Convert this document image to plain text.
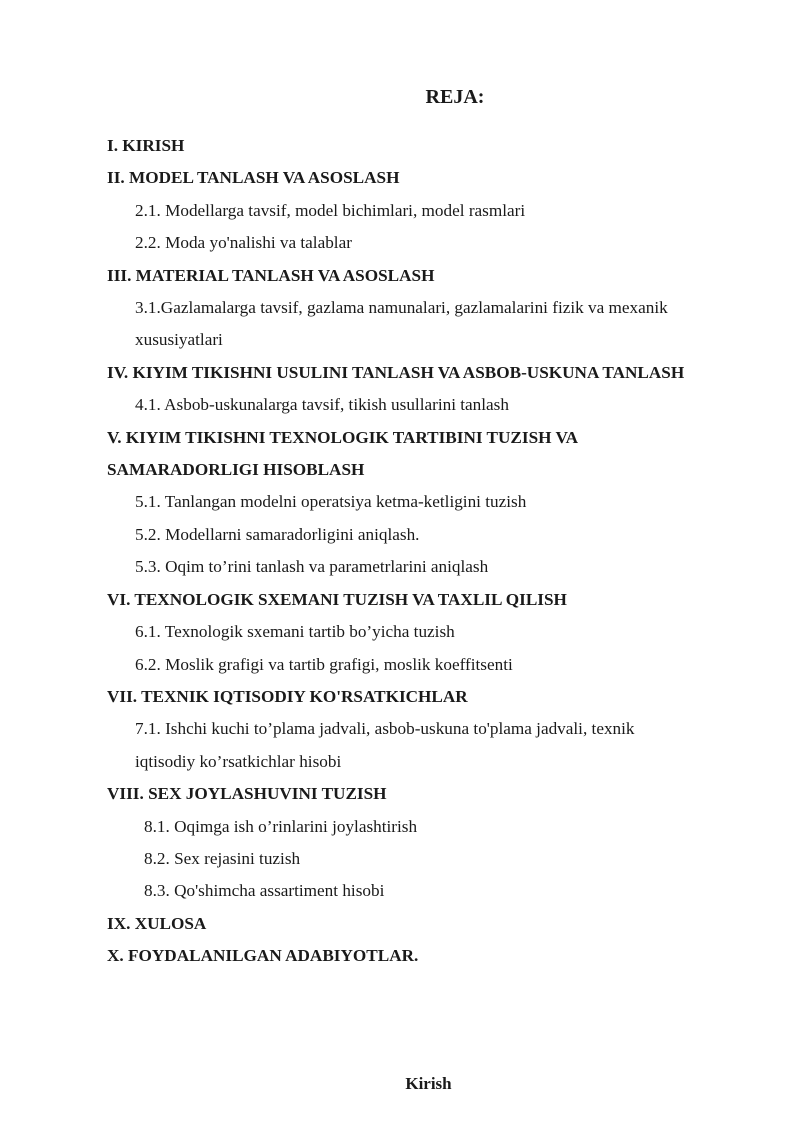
REJA:
I. KIRISH
II. MODEL TANLASH VA ASOSLASH
2.1. Modellarga tavsif, model bichimlari, model rasmlari
2.2. Moda yo'nalishi va talablar
III. MATERIAL TANLASH VA ASOSLASH
3.1.Gazlamalarga tavsif, gazlama namunalari, gazlamalarini fizik va mexanik
xususiyatlari
IV. KIYIM TIKISHNI USULINI TANLASH VA ASBOB-USKUNA TANLASH
4.1. Asbob-uskunalarga tavsif, tikish usullarini tanlash
V. KIYIM TIKISHNI TEXNOLOGIK TARTIBINI TUZISH VA
SAMARADORLIGI HISOBLASH
5.1. Tanlangan modelni operatsiya ketma-ketligini tuzish
5.2. Modellarni samaradorligini aniqlash.
5.3. Oqim to’rini tanlash va parametrlarini aniqlash
VI. TEXNOLOGIK SXEMANI TUZISH VA TAXLIL QILISH
6.1. Texnologik sxemani tartib bo’yicha tuzish
6.2. Moslik grafigi va tartib grafigi, moslik koeffitsenti
VII. TEXNIK IQTISODIY KO'RSATKICHLAR
7.1. Ishchi kuchi to’plama jadvali, asbob-uskuna to'plama jadvali, texnik
iqtisodiy ko’rsatkichlar hisobi
VIII. SEX JOYLASHUVINI TUZISH
8.1. Oqimga ish o’rinlarini joylashtirish
8.2. Sex rejasini tuzish
8.3. Qo'shimcha assartiment hisobi
IX. XULOSA
X. FOYDALANILGAN ADABIYOTLAR.
Kirish
